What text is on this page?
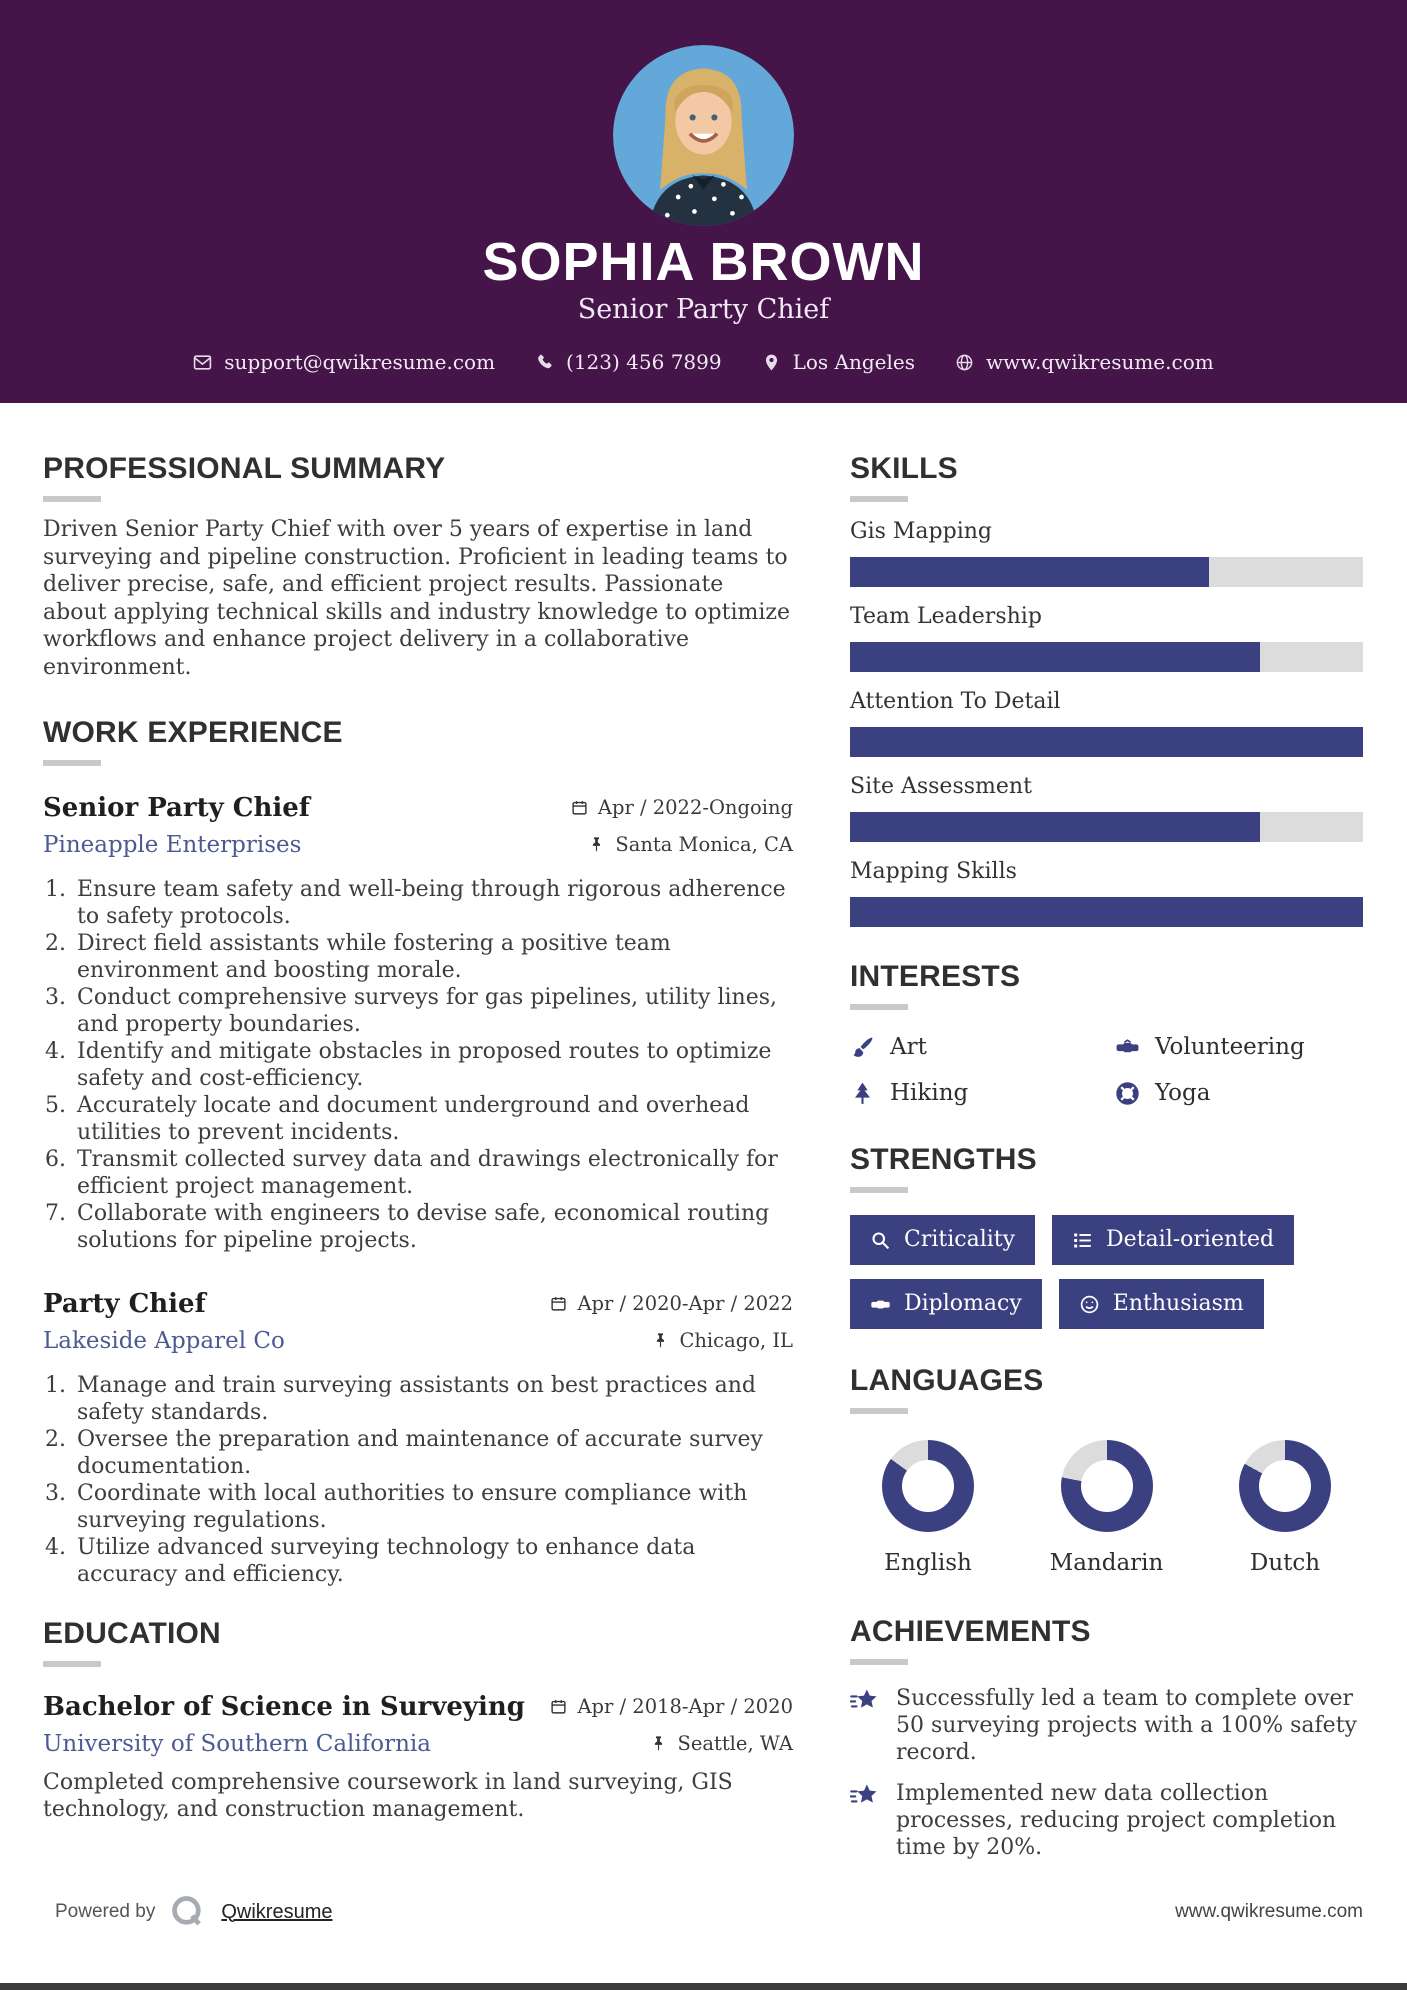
SOPHIA BROWN
Senior Party Chief
support@qwikresume.com	(123) 456 7899	Los Angeles	www.qwikresume.com
PROFESSIONAL SUMMARY

Driven Senior Party Chief with over 5 years of expertise in land surveying and pipeline construction. Proficient in leading teams to deliver precise, safe, and efficient project results. Passionate about applying technical skills and industry knowledge to optimize workflows and enhance project delivery in a collaborative environment.

WORK EXPERIENCE
Senior Party Chief
Pineapple Enterprises
Apr / 2022-Ongoing
Santa Monica, CA
1. Ensure team safety and well-being through rigorous adherence to safety protocols.
2. Direct field assistants while fostering a positive team environment and boosting morale.
3. Conduct comprehensive surveys for gas pipelines, utility lines, and property boundaries.
4. Identify and mitigate obstacles in proposed routes to optimize safety and cost-efficiency.
5. Accurately locate and document underground and overhead utilities to prevent incidents.
6. Transmit collected survey data and drawings electronically for efficient project management.
7. Collaborate with engineers to devise safe, economical routing solutions for pipeline projects.
Party Chief
Lakeside Apparel Co
Apr / 2020-Apr / 2022
Chicago, IL
1. Manage and train surveying assistants on best practices and safety standards.
2. Oversee the preparation and maintenance of accurate survey documentation.
3. Coordinate with local authorities to ensure compliance with surveying regulations.
4. Utilize advanced surveying technology to enhance data accuracy and efficiency.
EDUCATION
Bachelor of Science in Surveying
University of Southern California
Apr / 2018-Apr / 2020
Seattle, WA

Completed comprehensive coursework in land surveying, GIS technology, and construction management.

SKILLS
Gis Mapping
Team Leadership
Attention To Detail
Site Assessment
Mapping Skills
INTERESTS
Art	Volunteering
Hiking	Yoga
STRENGTHS
Criticality	Detail-oriented
Diplomacy	Enthusiasm
LANGUAGES
English	Mandarin	Dutch
ACHIEVEMENTS
Successfully led a team to complete over 50 surveying projects with a 100% safety record.
Implemented new data collection processes, reducing project completion time by 20%.
Powered by	Qwikresume	www.qwikresume.com
